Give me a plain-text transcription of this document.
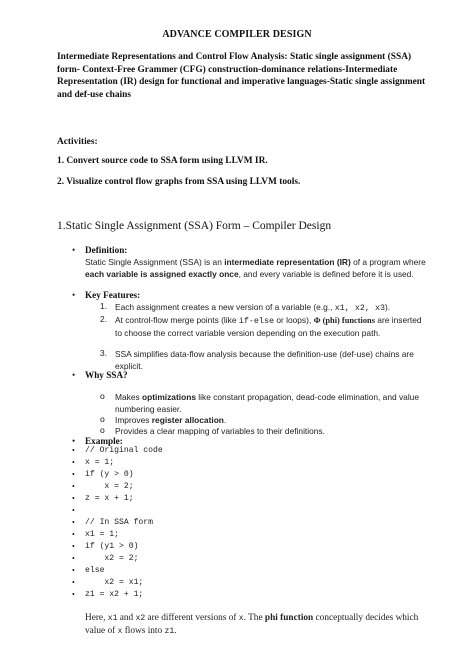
ADVANCE COMPILER DESIGN
Intermediate Representations and Control Flow Analysis: Static single assignment (SSA) form- Context-Free Grammer (CFG) construction-dominance relations-Intermediate Representation (IR) design for functional and imperative languages-Static single assignment and def-use chains
Activities:
1. Convert source code to SSA form using LLVM IR.
2. Visualize control flow graphs from SSA using LLVM tools.
1.Static Single Assignment (SSA) Form – Compiler Design
• Definition:
Static Single Assignment (SSA) is an intermediate representation (IR) of a program where each variable is assigned exactly once, and every variable is defined before it is used.
• Key Features:
1. Each assignment creates a new version of a variable (e.g., x1, x2, x3).
2. At control-flow merge points (like if-else or loops), Φ (phi) functions are inserted to choose the correct variable version depending on the execution path.
3. SSA simplifies data-flow analysis because the definition-use (def-use) chains are explicit.
• Why SSA?
o Makes optimizations like constant propagation, dead-code elimination, and value numbering easier.
o Improves register allocation.
o Provides a clear mapping of variables to their definitions.
• Example:
• // Original code
• x = 1;
• if (y > 0)
• x = 2;
• z = x + 1;
•
• // In SSA form
• x1 = 1;
• if (y1 > 0)
• x2 = 2;
• else
• x2 = x1;
• z1 = x2 + 1;
Here, x1 and x2 are different versions of x. The phi function conceptually decides which value of x flows into z1.
